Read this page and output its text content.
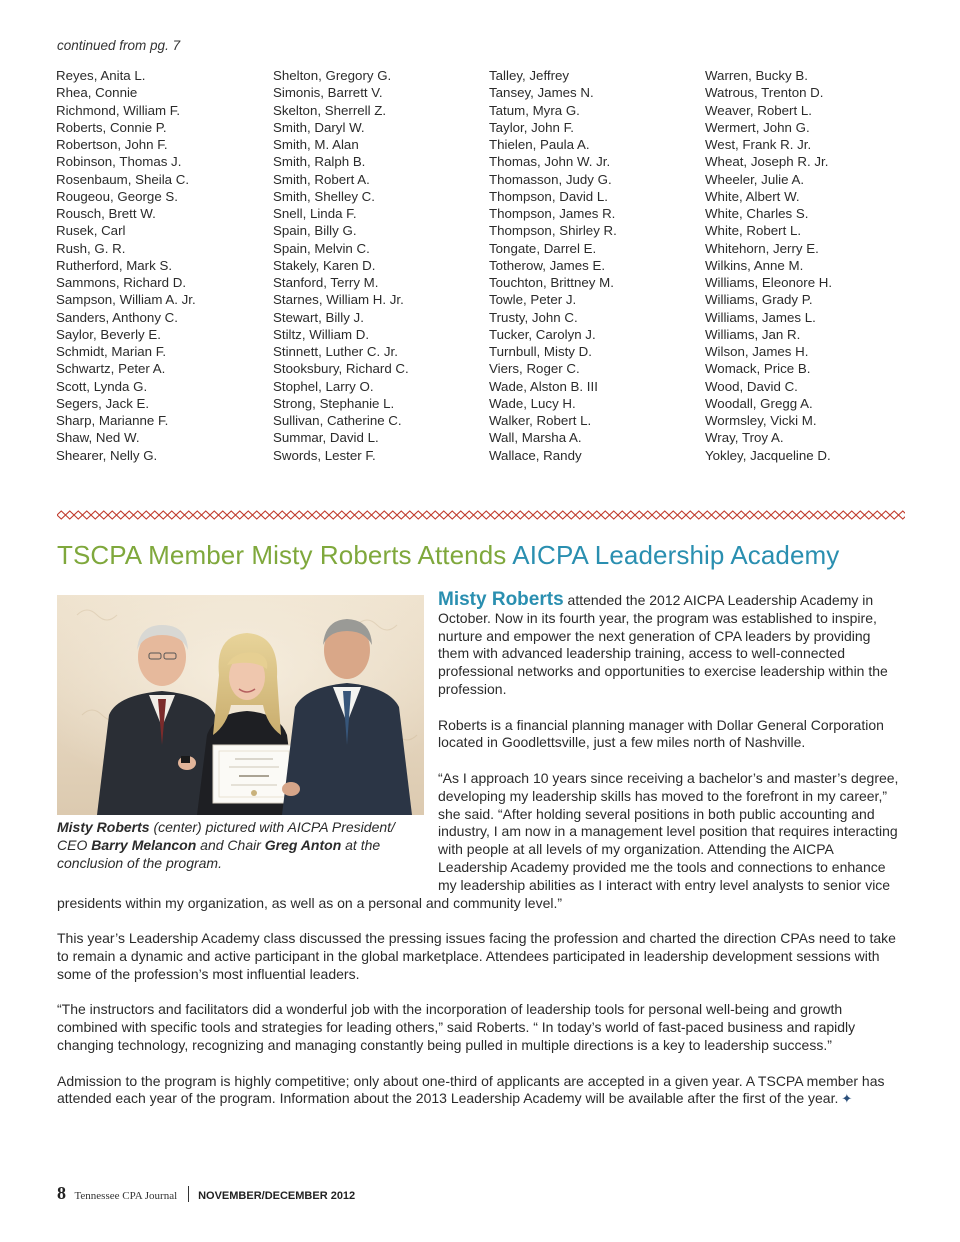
continued from pg. 7
Reyes, Anita L.
Rhea, Connie
Richmond, William F.
Roberts, Connie P.
Robertson, John F.
Robinson, Thomas J.
Rosenbaum, Sheila C.
Rougeou, George S.
Rousch, Brett W.
Rusek, Carl
Rush, G. R.
Rutherford, Mark S.
Sammons, Richard D.
Sampson, William A. Jr.
Sanders, Anthony C.
Saylor, Beverly E.
Schmidt, Marian F.
Schwartz, Peter A.
Scott, Lynda G.
Segers, Jack E.
Sharp, Marianne F.
Shaw, Ned W.
Shearer, Nelly G.
Shelton, Gregory G.
Simonis, Barrett V.
Skelton, Sherrell Z.
Smith, Daryl W.
Smith, M. Alan
Smith, Ralph B.
Smith, Robert A.
Smith, Shelley C.
Snell, Linda F.
Spain, Billy G.
Spain, Melvin C.
Stakely, Karen D.
Stanford, Terry M.
Starnes, William H. Jr.
Stewart, Billy J.
Stiltz, William D.
Stinnett, Luther C. Jr.
Stooksbury, Richard C.
Stophel, Larry O.
Strong, Stephanie L.
Sullivan, Catherine C.
Summar, David L.
Swords, Lester F.
Talley, Jeffrey
Tansey, James N.
Tatum, Myra G.
Taylor, John F.
Thielen, Paula A.
Thomas, John W. Jr.
Thomasson, Judy G.
Thompson, David L.
Thompson, James R.
Thompson, Shirley R.
Tongate, Darrel E.
Totherow, James E.
Touchton, Brittney M.
Towle, Peter J.
Trusty, John C.
Tucker, Carolyn J.
Turnbull, Misty D.
Viers, Roger C.
Wade, Alston B. III
Wade, Lucy H.
Walker, Robert L.
Wall, Marsha A.
Wallace, Randy
Warren, Bucky B.
Watrous, Trenton D.
Weaver, Robert L.
Wermert, John G.
West, Frank R. Jr.
Wheat, Joseph R. Jr.
Wheeler, Julie A.
White, Albert W.
White, Charles S.
White, Robert L.
Whitehorn, Jerry E.
Wilkins, Anne M.
Williams, Eleonore H.
Williams, Grady P.
Williams, James L.
Williams, Jan R.
Wilson, James H.
Womack, Price B.
Wood, David C.
Woodall, Gregg A.
Wormsley, Vicki M.
Wray, Troy A.
Yokley, Jacqueline D.
TSCPA Member Misty Roberts Attends AICPA Leadership Academy
Misty Roberts (center) pictured with AICPA President/ CEO Barry Melancon and Chair Greg Anton at the conclusion of the program.

Misty Roberts attended the 2012 AICPA Leadership Academy in October. Now in its fourth year, the program was established to inspire, nurture and empower the next generation of CPA leaders by providing them with advanced leadership training, access to well-connected professional networks and opportunities to exercise leadership within the profession.

Roberts is a financial planning manager with Dollar General Corporation located in Goodlettsville, just a few miles north of Nashville.

“As I approach 10 years since receiving a bachelor’s and master’s degree, developing my leadership skills has moved to the forefront in my career,” she said. “After holding several positions in both public accounting and industry, I am now in a management level position that requires interacting with people at all levels of my organization. Attending the AICPA Leadership Academy provided me the tools and connections to enhance my leadership abilities as I interact with entry level analysts to senior vice presidents within my organization, as well as on a personal and community level.”

This year’s Leadership Academy class discussed the pressing issues facing the profession and charted the direction CPAs need to take to remain a dynamic and active participant in the global marketplace. Attendees participated in leadership development sessions with some of the profession’s most influential leaders.

“The instructors and facilitators did a wonderful job with the incorporation of leadership tools for personal well-being and growth combined with specific tools and strategies for leading others,” said Roberts. “ In today’s world of fast-paced business and rapidly changing technology, recognizing and managing constantly being pulled in multiple directions is a key to leadership success.”

Admission to the program is highly competitive; only about one-third of applicants are accepted in a given year. A TSCPA member has attended each year of the program. Information about the 2013 Leadership Academy will be available after the first of the year. ✦

8 Tennessee CPA Journal NOVEMBER/DECEMBER 2012
